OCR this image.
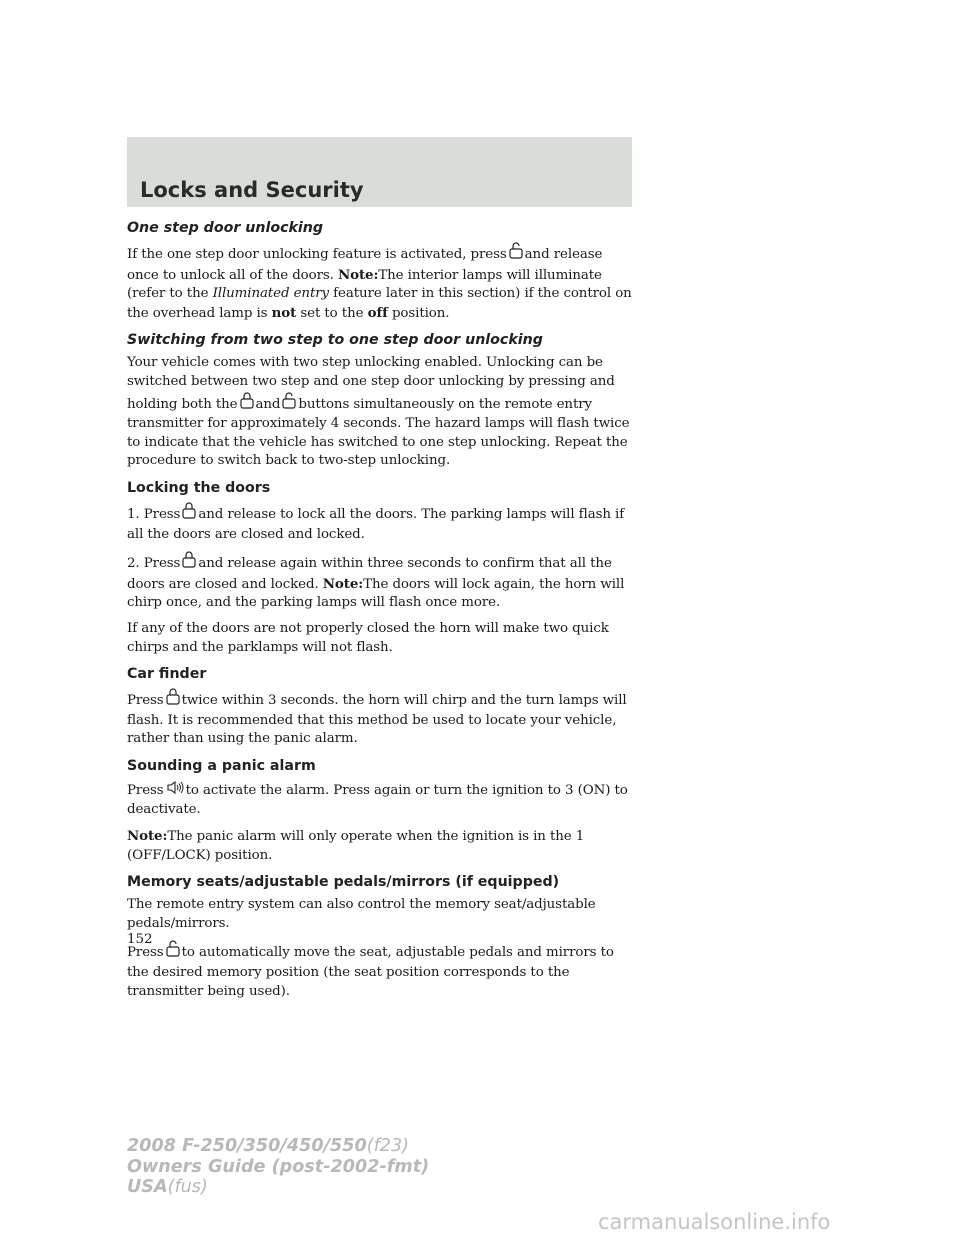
Locks and Security
One step door unlocking

If the one step door unlocking feature is activated, press and release once to unlock all of the doors. Note:The interior lamps will illuminate (refer to the Illuminated entry feature later in this section) if the control on the overhead lamp is not set to the off position.

Switching from two step to one step door unlocking

Your vehicle comes with two step unlocking enabled. Unlocking can be switched between two step and one step door unlocking by pressing and holding both the and buttons simultaneously on the remote entry transmitter for approximately 4 seconds. The hazard lamps will flash twice to indicate that the vehicle has switched to one step unlocking. Repeat the procedure to switch back to two-step unlocking.

Locking the doors

1. Press and release to lock all the doors. The parking lamps will flash if all the doors are closed and locked.

2. Press and release again within three seconds to confirm that all the doors are closed and locked. Note:The doors will lock again, the horn will chirp once, and the parking lamps will flash once more.

If any of the doors are not properly closed the horn will make two quick chirps and the parklamps will not flash.

Car finder

Press twice within 3 seconds. the horn will chirp and the turn lamps will flash. It is recommended that this method be used to locate your vehicle, rather than using the panic alarm.

Sounding a panic alarm

Press to activate the alarm. Press again or turn the ignition to 3 (ON) to deactivate.

Note:The panic alarm will only operate when the ignition is in the 1 (OFF/LOCK) position.

Memory seats/adjustable pedals/mirrors (if equipped)

The remote entry system can also control the memory seat/adjustable pedals/mirrors.

Press to automatically move the seat, adjustable pedals and mirrors to the desired memory position (the seat position corresponds to the transmitter being used).

152
2008 F-250/350/450/550(f23)
Owners Guide (post-2002-fmt)
USA(fus)
carmanualsonline.info
